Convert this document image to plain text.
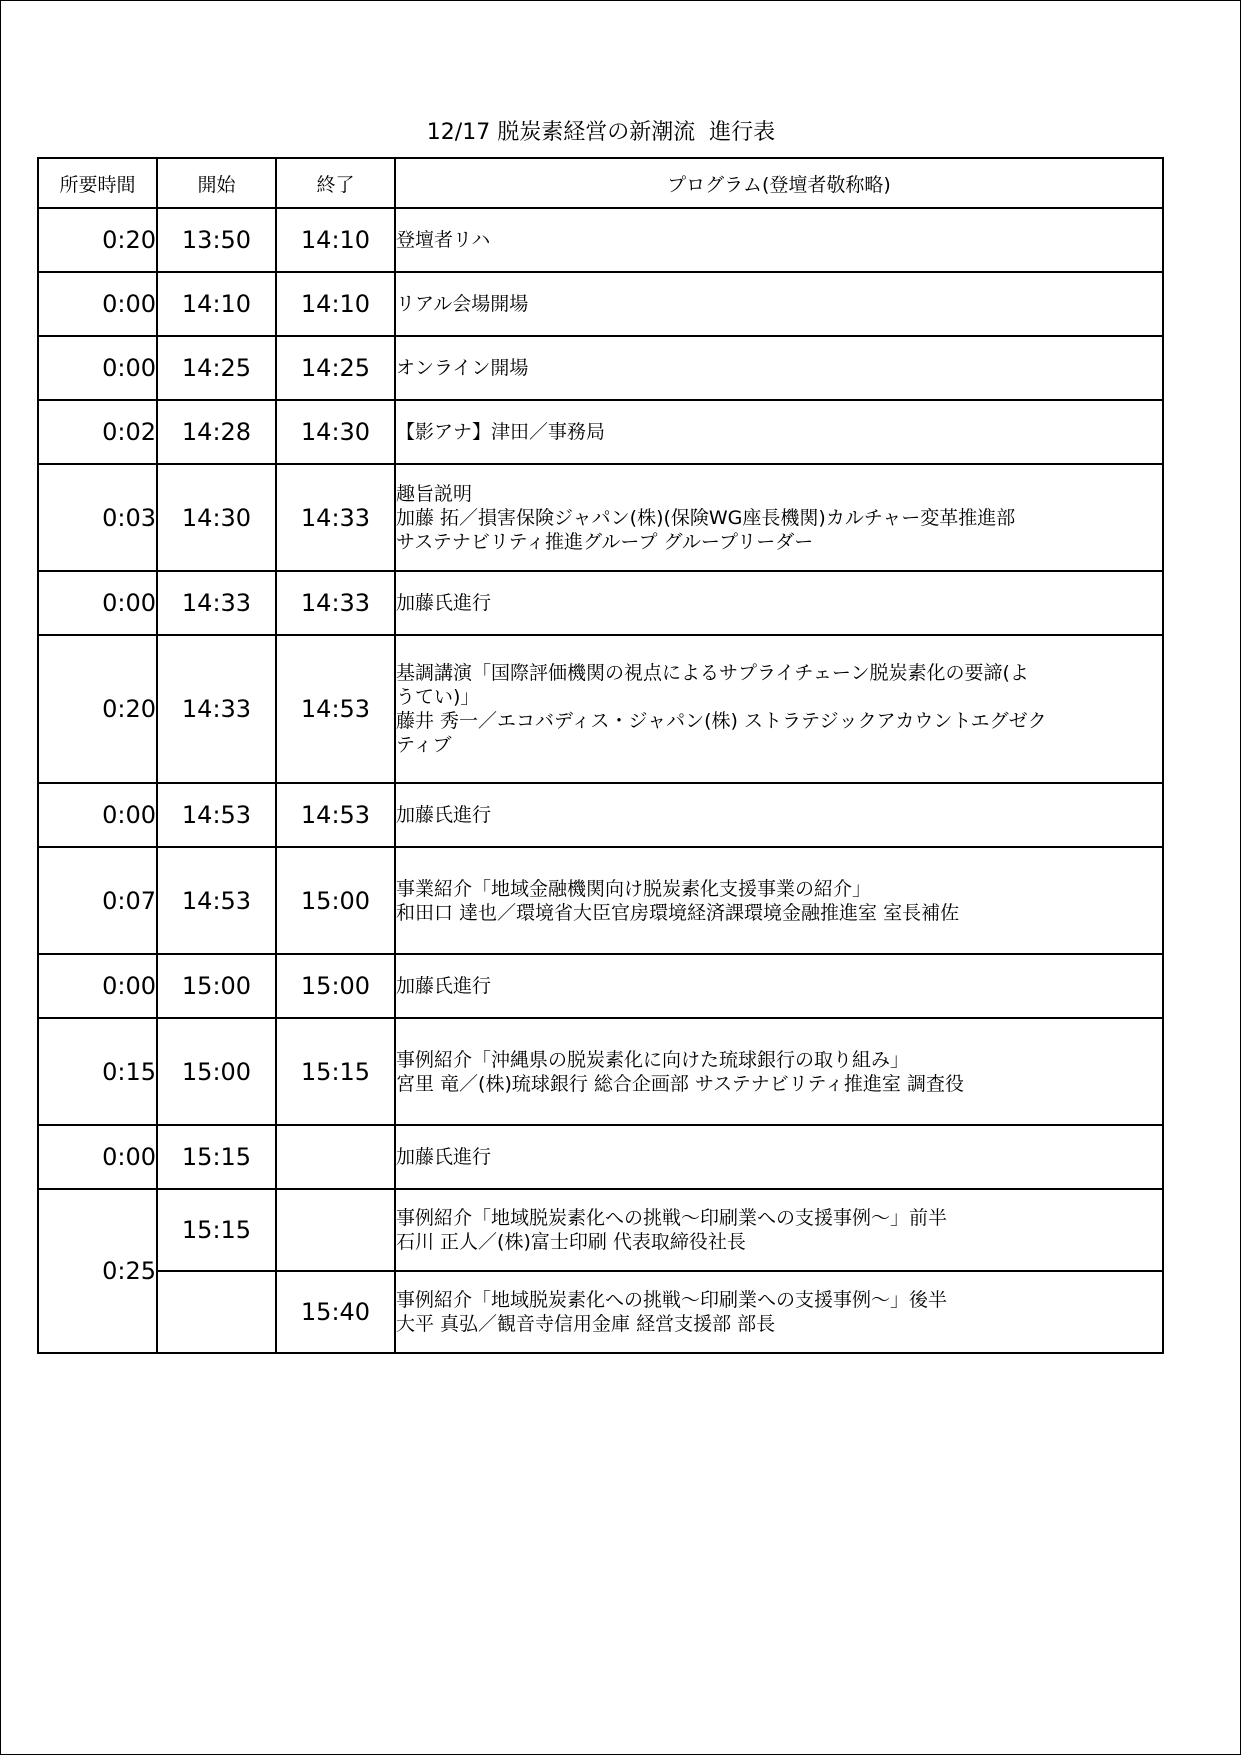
12/17 脱炭素経営の新潮流  進行表
所要時間	開始	終了	プログラム(登壇者敬称略)
0:20	13:50	14:10	登壇者リハ
0:00	14:10	14:10	リアル会場開場
0:00	14:25	14:25	オンライン開場
0:02	14:28	14:30	【影アナ】津田／事務局
0:03	14:30	14:33	趣旨説明
加藤 拓／損害保険ジャパン(株)(保険WG座長機関)カルチャー変革推進部
サステナビリティ推進グループ グループリーダー
0:00	14:33	14:33	加藤氏進行
0:20	14:33	14:53	基調講演「国際評価機関の視点によるサプライチェーン脱炭素化の要諦(よ
うてい)」
藤井 秀一／エコバディス・ジャパン(株) ストラテジックアカウントエグゼク
ティブ
0:00	14:53	14:53	加藤氏進行
0:07	14:53	15:00	事業紹介「地域金融機関向け脱炭素化支援事業の紹介」
和田口 達也／環境省大臣官房環境経済課環境金融推進室 室長補佐
0:00	15:00	15:00	加藤氏進行
0:15	15:00	15:15	事例紹介「沖縄県の脱炭素化に向けた琉球銀行の取り組み」
宮里 竜／(株)琉球銀行 総合企画部 サステナビリティ推進室 調査役
0:00	15:15		加藤氏進行
0:25	15:15		事例紹介「地域脱炭素化への挑戦～印刷業への支援事例～」前半
石川 正人／(株)富士印刷 代表取締役社長
		15:40	事例紹介「地域脱炭素化への挑戦～印刷業への支援事例～」後半
大平 真弘／観音寺信用金庫 経営支援部 部長
